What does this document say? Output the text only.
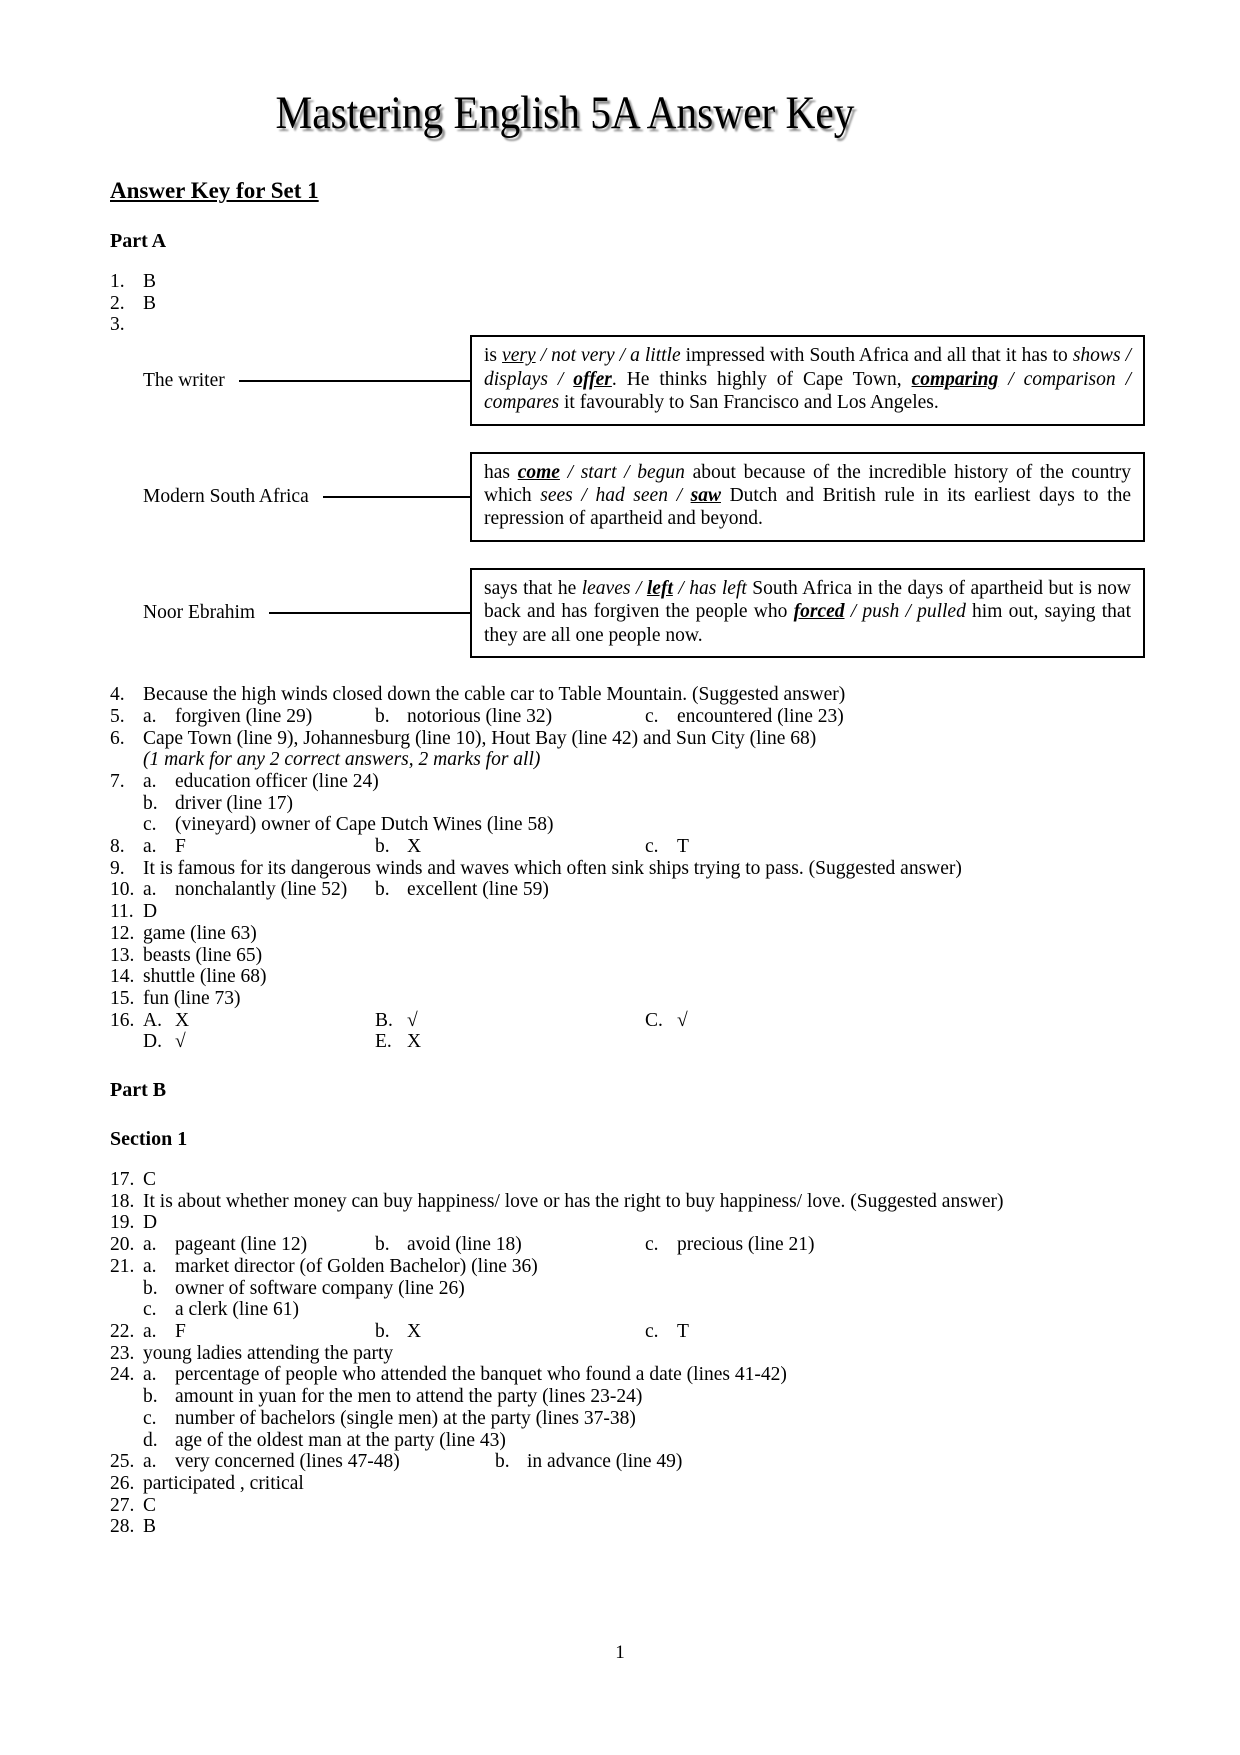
Mastering English 5A Answer Key
Answer Key for Set 1
Part A
1. B
2. B
3.
The writer
is very / not very / a little impressed with South Africa and all that it has to shows / displays / offer. He thinks highly of Cape Town, comparing / comparison / compares it favourably to San Francisco and Los Angeles.
Modern South Africa
has come / start / begun about because of the incredible history of the country which sees / had seen / saw Dutch and British rule in its earliest days to the repression of apartheid and beyond.
Noor Ebrahim
says that he leaves / left / has left South Africa in the days of apartheid but is now back and has forgiven the people who forced / push / pulled him out, saying that they are all one people now.
4. Because the high winds closed down the cable car to Table Mountain. (Suggested answer)
5. a. forgiven (line 29)	b. notorious (line 32)	c. encountered (line 23)
6. Cape Town (line 9), Johannesburg (line 10), Hout Bay (line 42) and Sun City (line 68)
(1 mark for any 2 correct answers, 2 marks for all)
7. a. education officer (line 24)
b. driver (line 17)
c. (vineyard) owner of Cape Dutch Wines (line 58)
8. a. F	b. X	c. T
9. It is famous for its dangerous winds and waves which often sink ships trying to pass. (Suggested answer)
10. a. nonchalantly (line 52) b. excellent (line 59)
11. D
12. game (line 63)
13. beasts (line 65)
14. shuttle (line 68)
15. fun (line 73)
16. A. X	B. √	C. √
D. √	E. X
Part B
Section 1
17. C
18. It is about whether money can buy happiness/ love or has the right to buy happiness/ love. (Suggested answer)
19. D
20. a. pageant (line 12)	b. avoid (line 18)	c. precious (line 21)
21. a. market director (of Golden Bachelor) (line 36)
b. owner of software company (line 26)
c. a clerk (line 61)
22. a. F	b. X	c. T
23. young ladies attending the party
24. a. percentage of people who attended the banquet who found a date (lines 41-42)
b. amount in yuan for the men to attend the party (lines 23-24)
c. number of bachelors (single men) at the party (lines 37-38)
d. age of the oldest man at the party (line 43)
25. a. very concerned (lines 47-48)	b. in advance (line 49)
26. participated , critical
27. C
28. B
1
